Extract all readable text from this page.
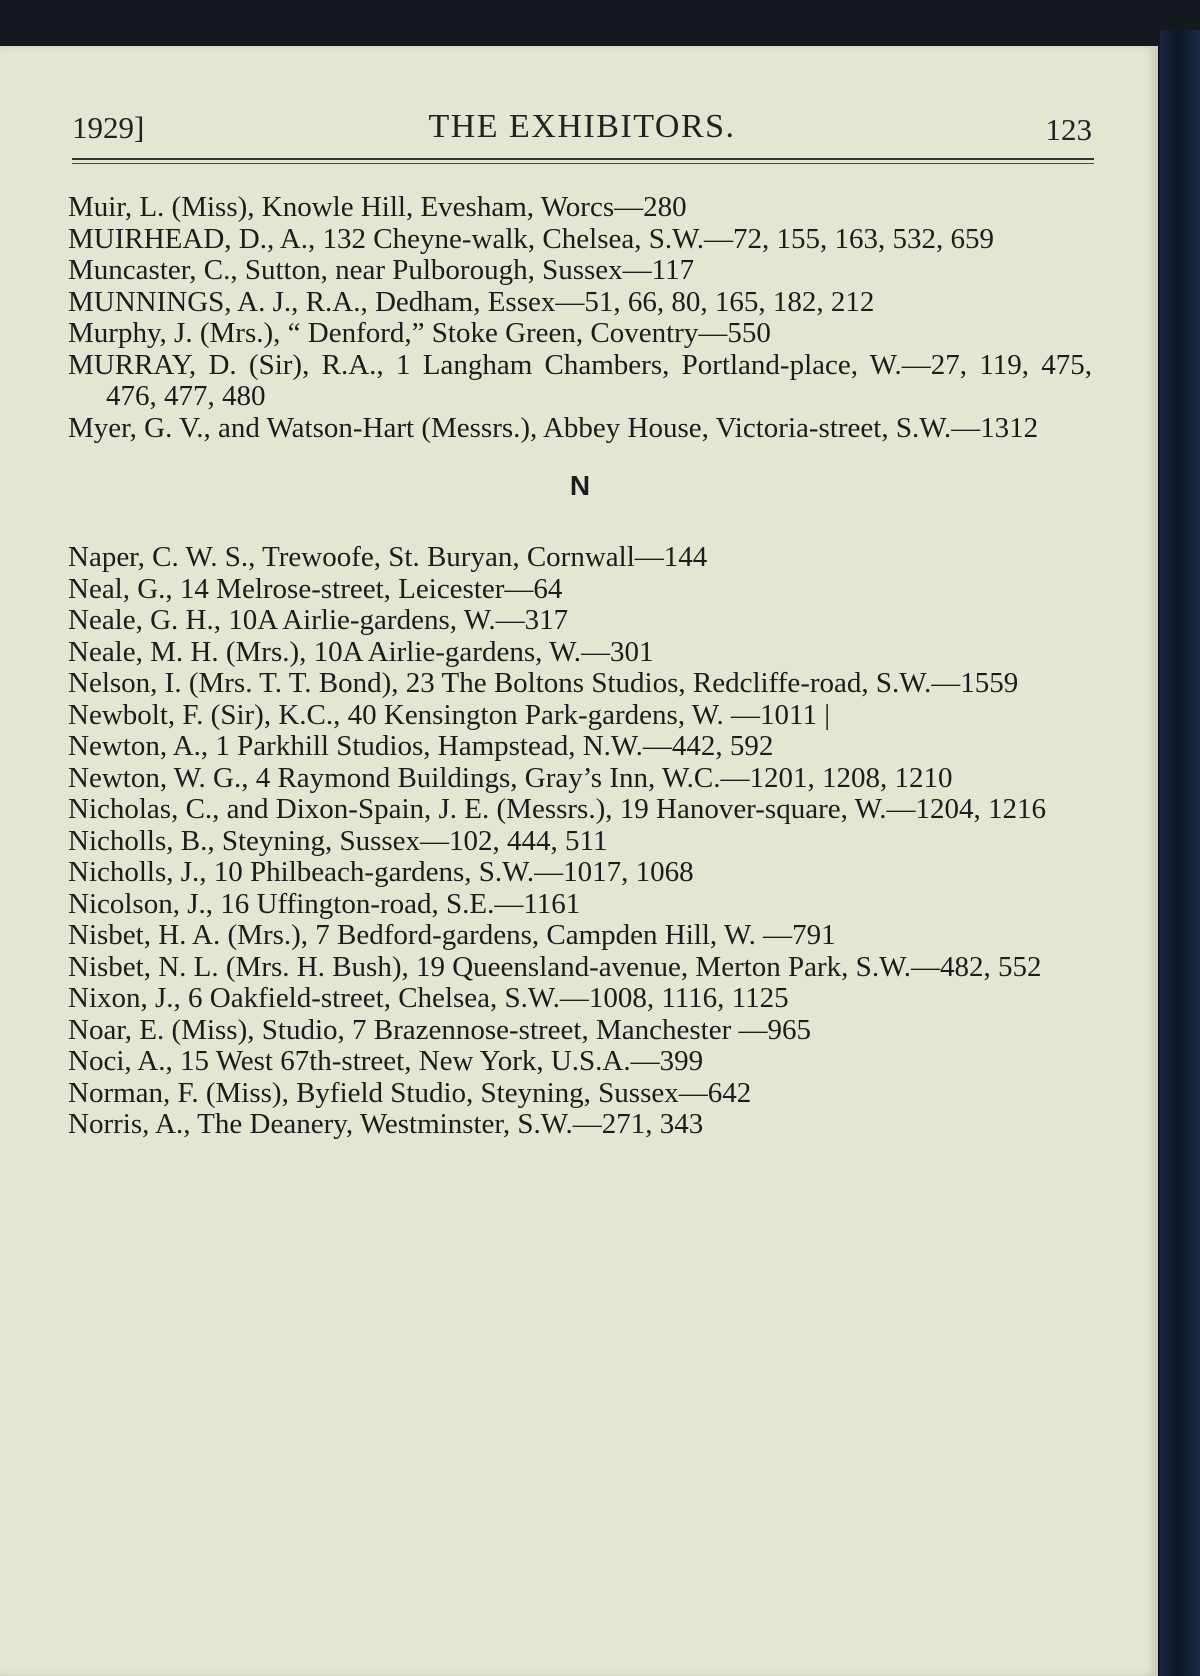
1929]	THE EXHIBITORS.	123
Muir, L. (Miss), Knowle Hill, Evesham, Worcs—280
MUIRHEAD, D., A., 132 Cheyne-walk, Chelsea, S.W.—72, 155, 163, 532, 659
Muncaster, C., Sutton, near Pulborough, Sussex—117
MUNNINGS, A. J., R.A., Dedham, Essex—51, 66, 80, 165, 182, 212
Murphy, J. (Mrs.), “ Denford,” Stoke Green, Coventry—550
MURRAY, D. (Sir), R.A., 1 Langham Chambers, Portland-place, W.—27, 119, 475, 476, 477, 480
Myer, G. V., and Watson-Hart (Messrs.), Abbey House, Victoria-street, S.W.—1312
N
Naper, C. W. S., Trewoofe, St. Buryan, Cornwall—144
Neal, G., 14 Melrose-street, Leicester—64
Neale, G. H., 10A Airlie-gardens, W.—317
Neale, M. H. (Mrs.), 10A Airlie-gardens, W.—301
Nelson, I. (Mrs. T. T. Bond), 23 The Boltons Studios, Redcliffe-road, S.W.—1559
Newbolt, F. (Sir), K.C., 40 Kensington Park-gardens, W. —1011 |
Newton, A., 1 Parkhill Studios, Hampstead, N.W.—442, 592
Newton, W. G., 4 Raymond Buildings, Gray’s Inn, W.C.—1201, 1208, 1210
Nicholas, C., and Dixon-Spain, J. E. (Messrs.), 19 Hanover-square, W.—1204, 1216
Nicholls, B., Steyning, Sussex—102, 444, 511
Nicholls, J., 10 Philbeach-gardens, S.W.—1017, 1068
Nicolson, J., 16 Uffington-road, S.E.—1161
Nisbet, H. A. (Mrs.), 7 Bedford-gardens, Campden Hill, W. —791
Nisbet, N. L. (Mrs. H. Bush), 19 Queensland-avenue, Merton Park, S.W.—482, 552
Nixon, J., 6 Oakfield-street, Chelsea, S.W.—1008, 1116, 1125
Noar, E. (Miss), Studio, 7 Brazennose-street, Manchester —965
Noci, A., 15 West 67th-street, New York, U.S.A.—399
Norman, F. (Miss), Byfield Studio, Steyning, Sussex—642
Norris, A., The Deanery, Westminster, S.W.—271, 343
